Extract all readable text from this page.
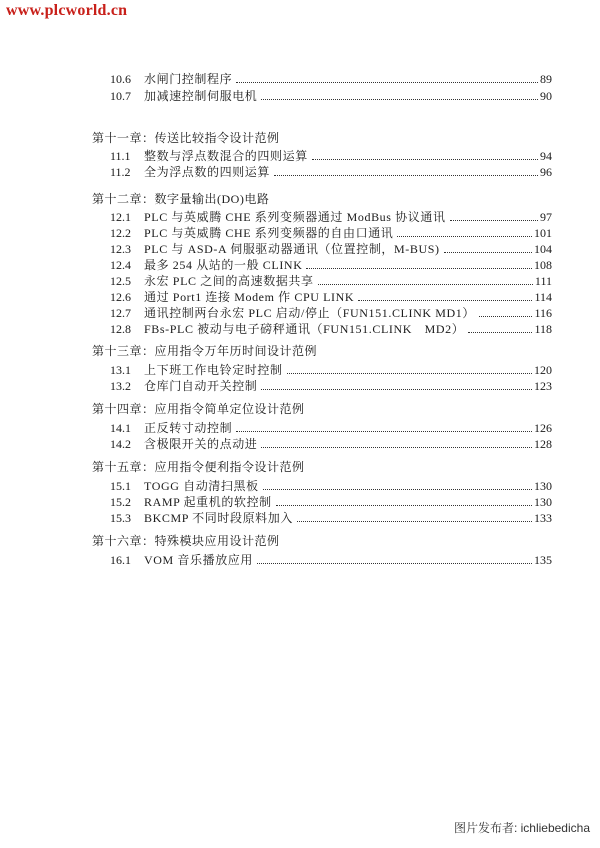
www.plcworld.cn
10.6	水闸门控制程序	89
10.7	加减速控制伺服电机	90
第十一章：传送比较指令设计范例
11.1	整数与浮点数混合的四则运算	94
11.2	全为浮点数的四则运算	96
第十二章：数字量输出(DO)电路
12.1	PLC 与英威腾 CHE 系列变频器通过 ModBus 协议通讯	97
12.2	PLC 与英威腾 CHE 系列变频器的自由口通讯	101
12.3	PLC 与 ASD-A 伺服驱动器通讯（位置控制，M-BUS)	104
12.4	最多 254 从站的一般 CLINK	108
12.5	永宏 PLC 之间的高速数据共享	111
12.6	通过 Port1 连接 Modem 作 CPU LINK	114
12.7	通讯控制两台永宏 PLC 启动/停止（FUN151.CLINK MD1）	116
12.8	FBs-PLC 被动与电子磅秤通讯（FUN151.CLINK　MD2）	118
第十三章：应用指令万年历时间设计范例
13.1	上下班工作电铃定时控制	120
13.2	仓库门自动开关控制	123
第十四章：应用指令简单定位设计范例
14.1	正反转寸动控制	126
14.2	含极限开关的点动进	128
第十五章：应用指令便利指令设计范例
15.1	TOGG 自动清扫黑板	130
15.2	RAMP 起重机的软控制	130
15.3	BKCMP 不同时段原料加入	133
第十六章：特殊模块应用设计范例
16.1	VOM 音乐播放应用	135
图片发布者: ichliebedicha
